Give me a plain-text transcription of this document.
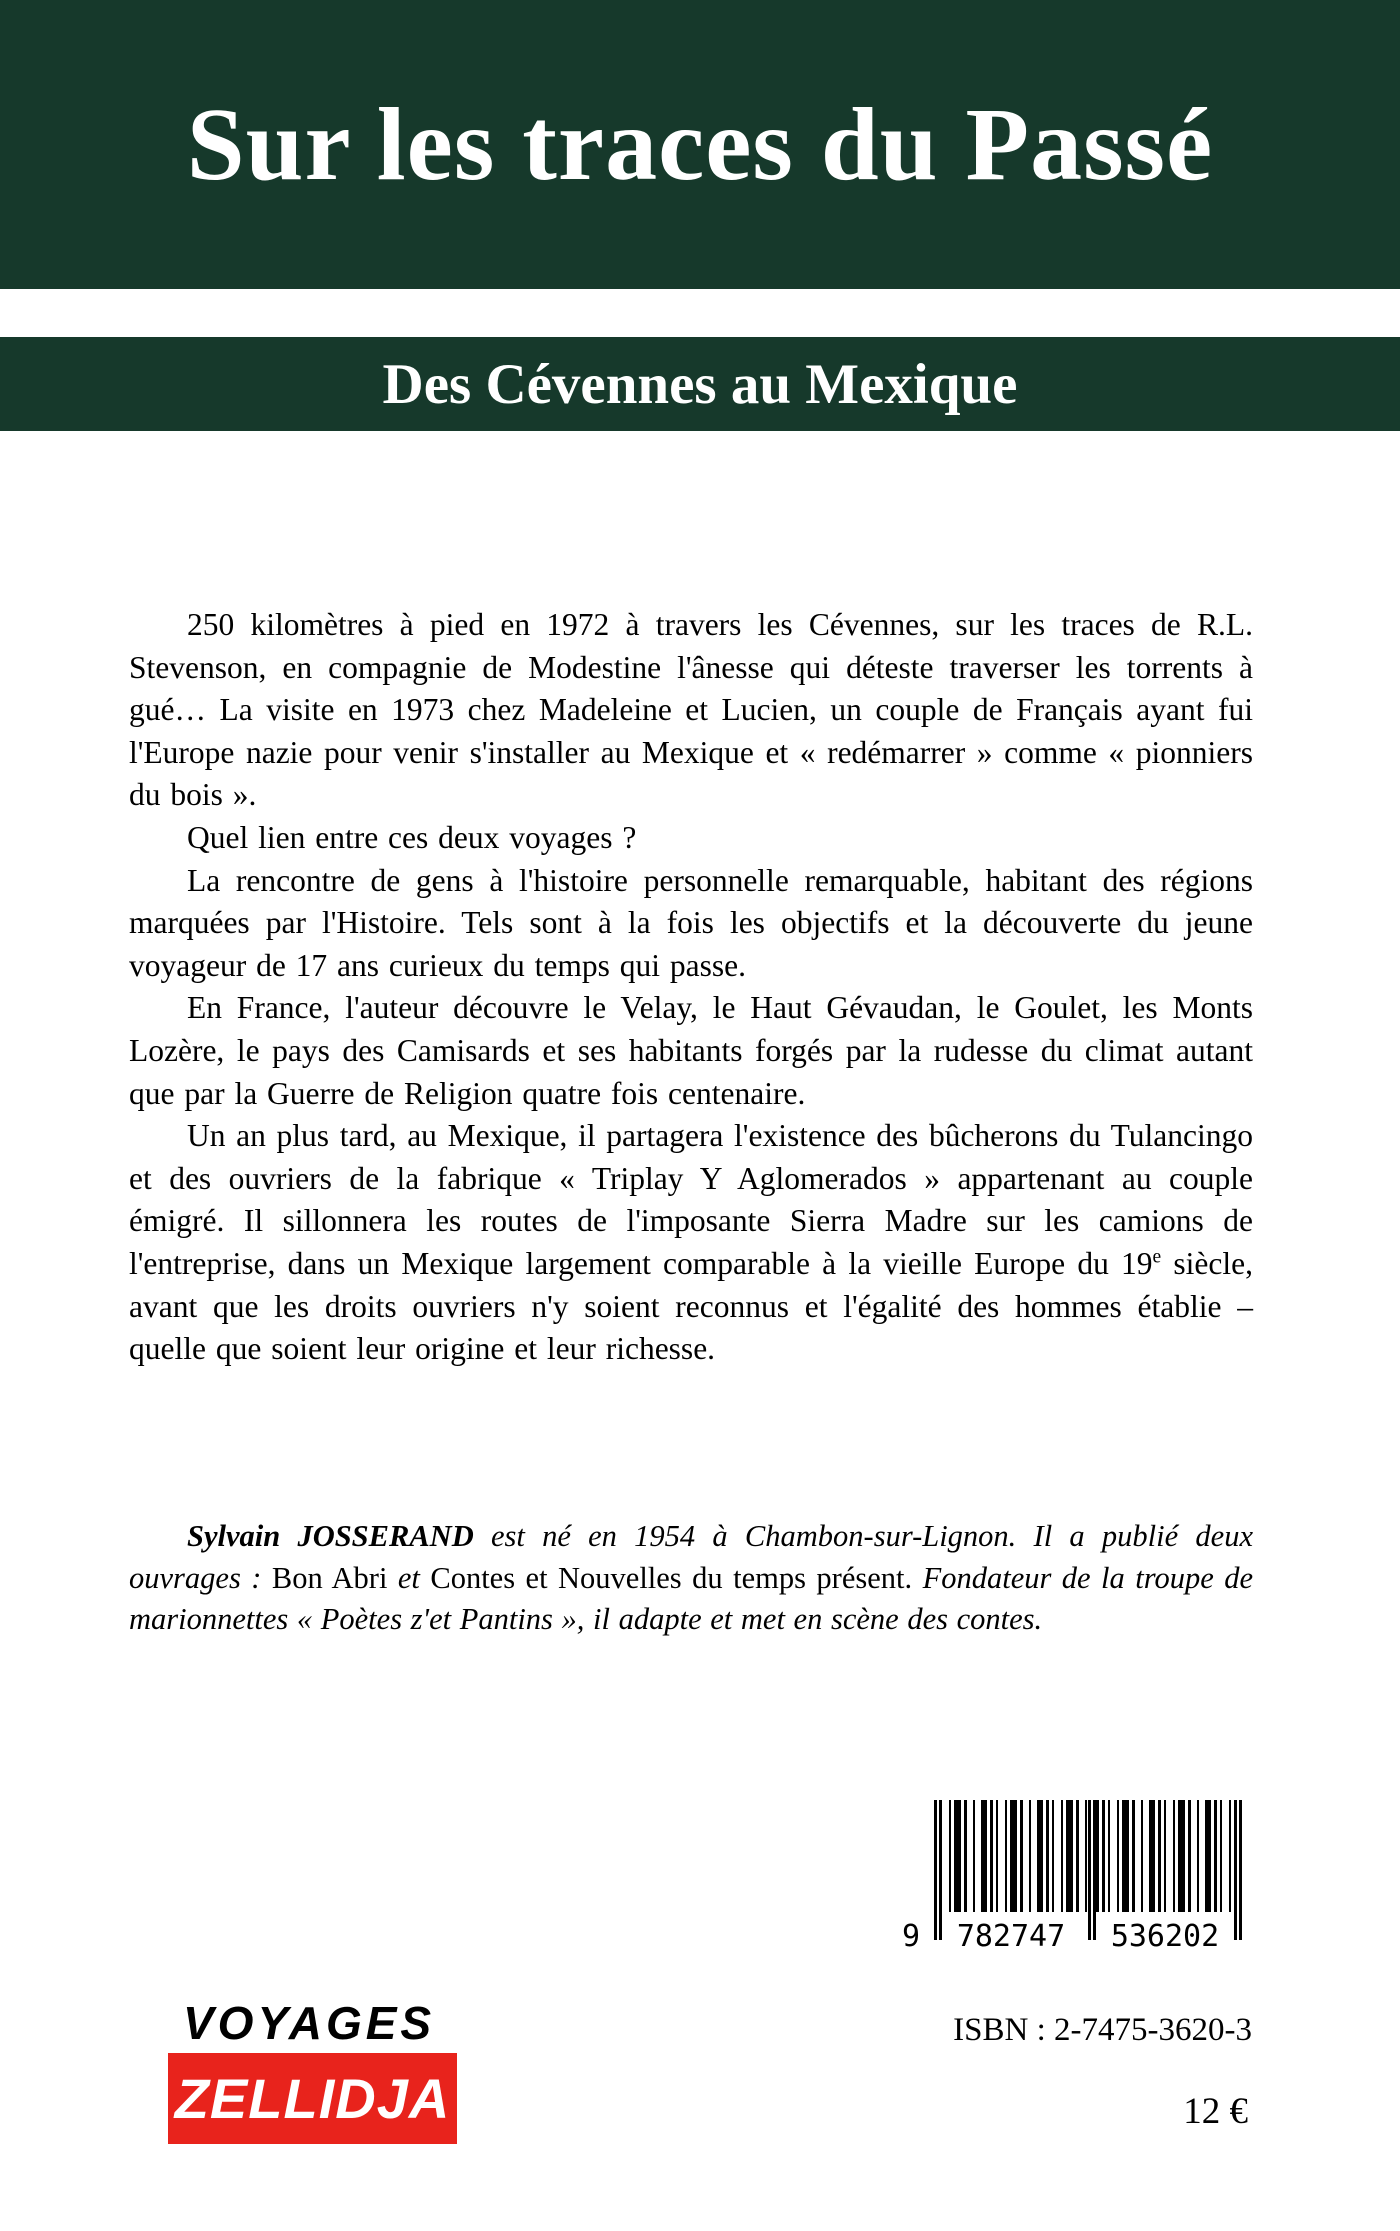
Sur les traces du Passé
Des Cévennes au Mexique

250 kilomètres à pied en 1972 à travers les Cévennes, sur les traces de R.L. Stevenson, en compagnie de Modestine l'ânesse qui déteste traverser les torrents à gué… La visite en 1973 chez Madeleine et Lucien, un couple de Français ayant fui l'Europe nazie pour venir s'installer au Mexique et « redémarrer » comme « pionniers du bois ».

Quel lien entre ces deux voyages ?

La rencontre de gens à l'histoire personnelle remarquable, habitant des régions marquées par l'Histoire. Tels sont à la fois les objectifs et la découverte du jeune voyageur de 17 ans curieux du temps qui passe.

En France, l'auteur découvre le Velay, le Haut Gévaudan, le Goulet, les Monts Lozère, le pays des Camisards et ses habitants forgés par la rudesse du climat autant que par la Guerre de Religion quatre fois centenaire.

Un an plus tard, au Mexique, il partagera l'existence des bûcherons du Tulancingo et des ouvriers de la fabrique « Triplay Y Aglomerados » appartenant au couple émigré. Il sillonnera les routes de l'imposante Sierra Madre sur les camions de l'entreprise, dans un Mexique largement comparable à la vieille Europe du 19e siècle, avant que les droits ouvriers n'y soient reconnus et l'égalité des hommes établie – quelle que soient leur origine et leur richesse.

Sylvain JOSSERAND est né en 1954 à Chambon-sur-Lignon. Il a publié deux ouvrages : Bon Abri et Contes et Nouvelles du temps présent. Fondateur de la troupe de marionnettes « Poètes z'et Pantins », il adapte et met en scène des contes.

9	782747	536202
ISBN : 2-7475-3620-3
12 €
VOYAGES
ZELLIDJA
